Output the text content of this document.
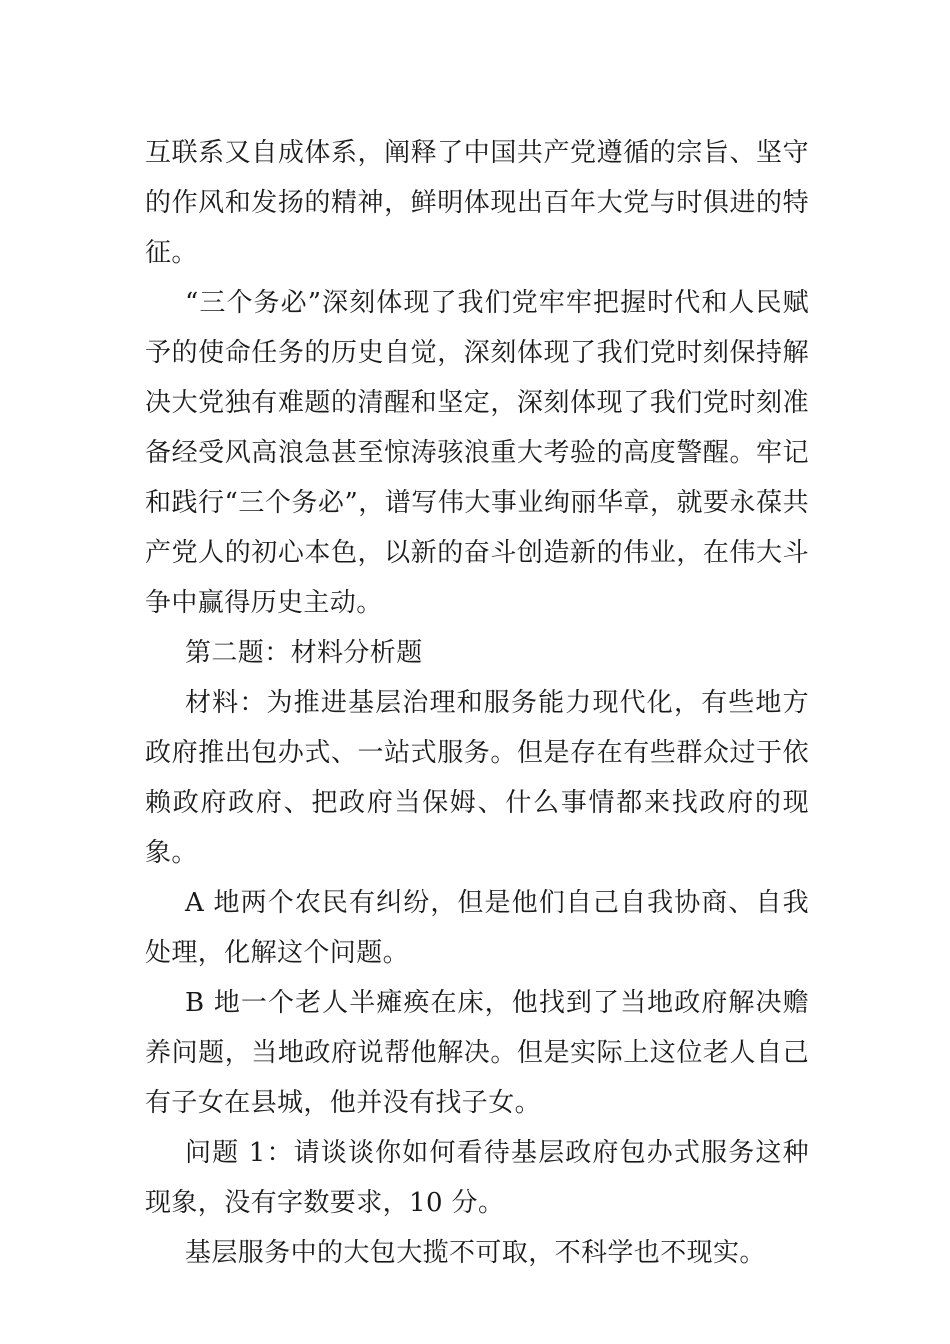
互联系又自成体系，阐释了中国共产党遵循的宗旨、坚守的作风和发扬的精神，鲜明体现出百年大党与时俱进的特征。

“三个务必”深刻体现了我们党牢牢把握时代和人民赋予的使命任务的历史自觉，深刻体现了我们党时刻保持解决大党独有难题的清醒和坚定，深刻体现了我们党时刻准备经受风高浪急甚至惊涛骇浪重大考验的高度警醒。牢记和践行“三个务必”，谱写伟大事业绚丽华章，就要永葆共产党人的初心本色，以新的奋斗创造新的伟业，在伟大斗争中赢得历史主动。

第二题：材料分析题

材料：为推进基层治理和服务能力现代化，有些地方政府推出包办式、一站式服务。但是存在有些群众过于依赖政府政府、把政府当保姆、什么事情都来找政府的现象。

A 地两个农民有纠纷，但是他们自己自我协商、自我处理，化解这个问题。

B 地一个老人半瘫痪在床，他找到了当地政府解决赡养问题，当地政府说帮他解决。但是实际上这位老人自己有子女在县城，他并没有找子女。

问题 1：请谈谈你如何看待基层政府包办式服务这种现象，没有字数要求，10 分。

基层服务中的大包大揽不可取，不科学也不现实。
